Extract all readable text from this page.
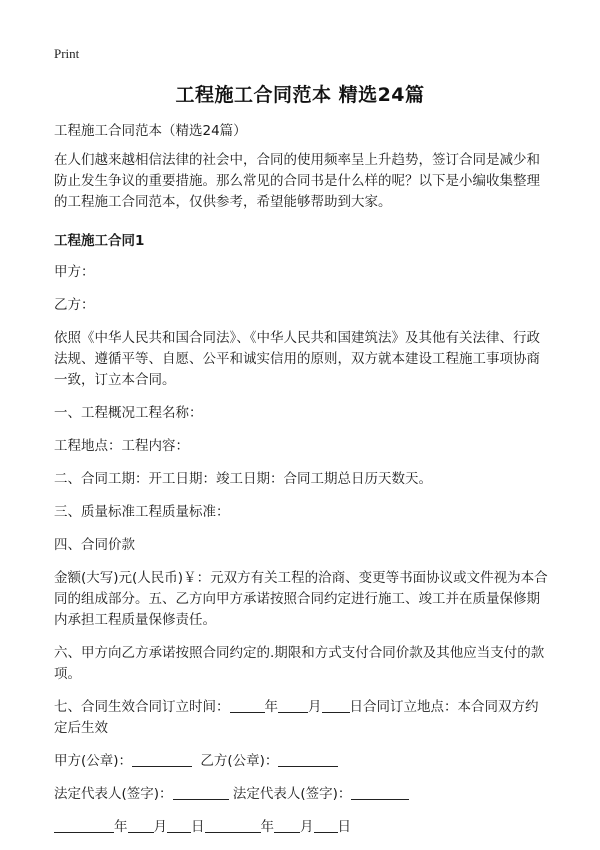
Print
工程施工合同范本 精选24篇

工程施工合同范本（精选24篇）

在人们越来越相信法律的社会中，合同的使用频率呈上升趋势，签订合同是减少和防止发生争议的重要措施。那么常见的合同书是什么样的呢？以下是小编收集整理的工程施工合同范本，仅供参考，希望能够帮助到大家。

工程施工合同1

甲方：

乙方：

依照《中华人民共和国合同法》、《中华人民共和国建筑法》及其他有关法律、行政法规、遵循平等、自愿、公平和诚实信用的原则，双方就本建设工程施工事项协商一致，订立本合同。

一、工程概况工程名称：

工程地点：工程内容：

二、合同工期：开工日期：竣工日期：合同工期总日历天数天。

三、质量标准工程质量标准：

四、合同价款

金额(大写)元(人民币)￥：元双方有关工程的洽商、变更等书面协议或文件视为本合同的组成部分。五、乙方向甲方承诺按照合同约定进行施工、竣工并在质量保修期内承担工程质量保修责任。

六、甲方向乙方承诺按照合同约定的.期限和方式支付合同价款及其他应当支付的款项。

七、合同生效合同订立时间：	年 月 日合同订立地点：本合同双方约定后生效

甲方(公章)：	乙方(公章)：

法定代表人(签字)：	法定代表人(签字)：

年 月 日	年 月 日
